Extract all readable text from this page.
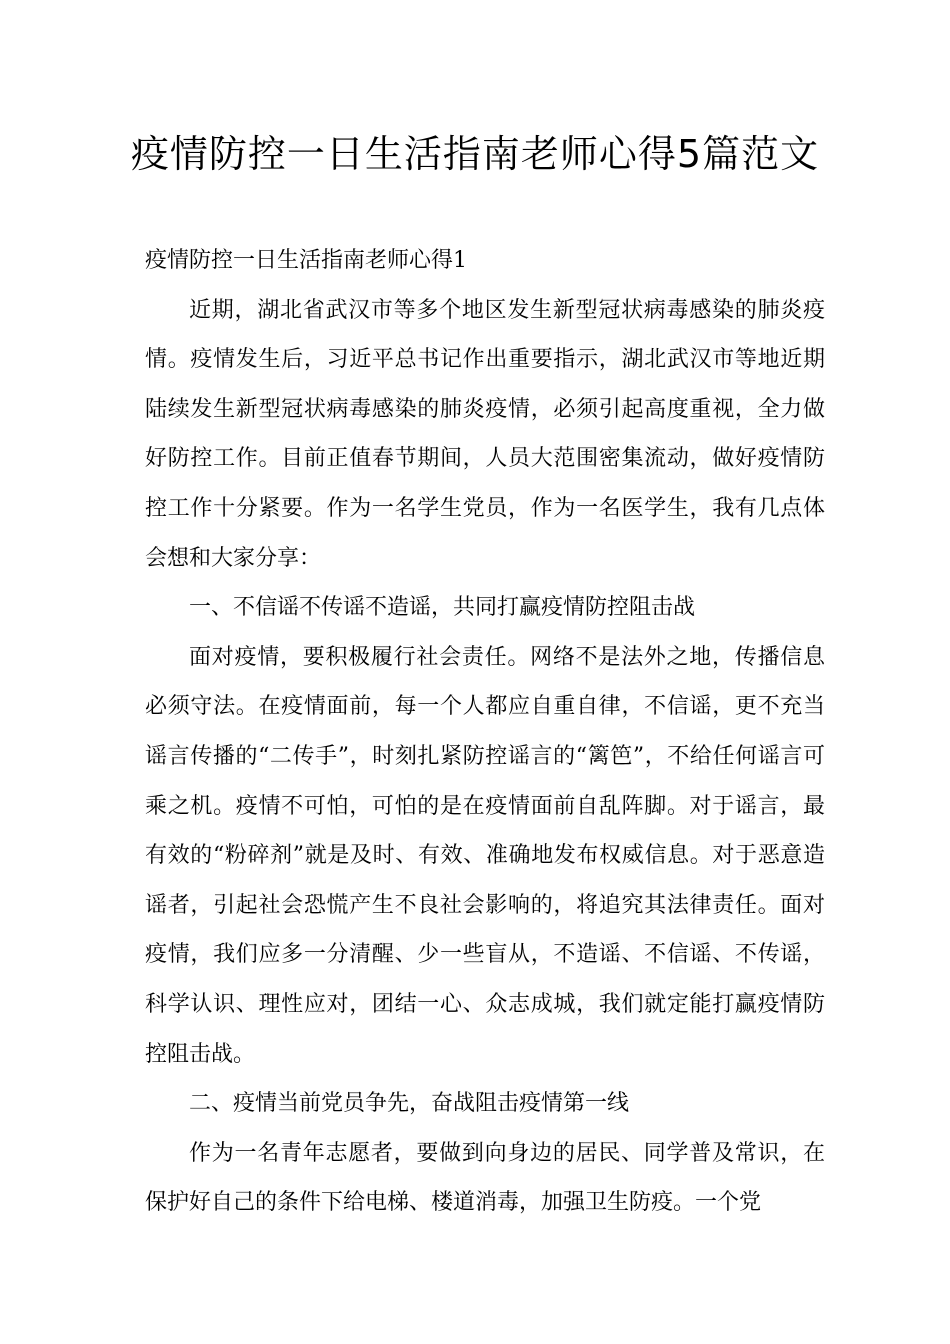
疫情防控一日生活指南老师心得5篇范文

疫情防控一日生活指南老师心得1

近期，湖北省武汉市等多个地区发生新型冠状病毒感染的肺炎疫情。疫情发生后，习近平总书记作出重要指示，湖北武汉市等地近期陆续发生新型冠状病毒感染的肺炎疫情，必须引起高度重视，全力做好防控工作。目前正值春节期间，人员大范围密集流动，做好疫情防控工作十分紧要。作为一名学生党员，作为一名医学生，我有几点体会想和大家分享：

一、不信谣不传谣不造谣，共同打赢疫情防控阻击战

面对疫情，要积极履行社会责任。网络不是法外之地，传播信息必须守法。在疫情面前，每一个人都应自重自律，不信谣，更不充当谣言传播的“二传手”，时刻扎紧防控谣言的“篱笆”，不给任何谣言可乘之机。疫情不可怕，可怕的是在疫情面前自乱阵脚。对于谣言，最有效的“粉碎剂”就是及时、有效、准确地发布权威信息。对于恶意造谣者，引起社会恐慌产生不良社会影响的，将追究其法律责任。面对疫情，我们应多一分清醒、少一些盲从，不造谣、不信谣、不传谣，科学认识、理性应对，团结一心、众志成城，我们就定能打赢疫情防控阻击战。

二、疫情当前党员争先，奋战阻击疫情第一线

作为一名青年志愿者，要做到向身边的居民、同学普及常识，在保护好自己的条件下给电梯、楼道消毒，加强卫生防疫。一个党
